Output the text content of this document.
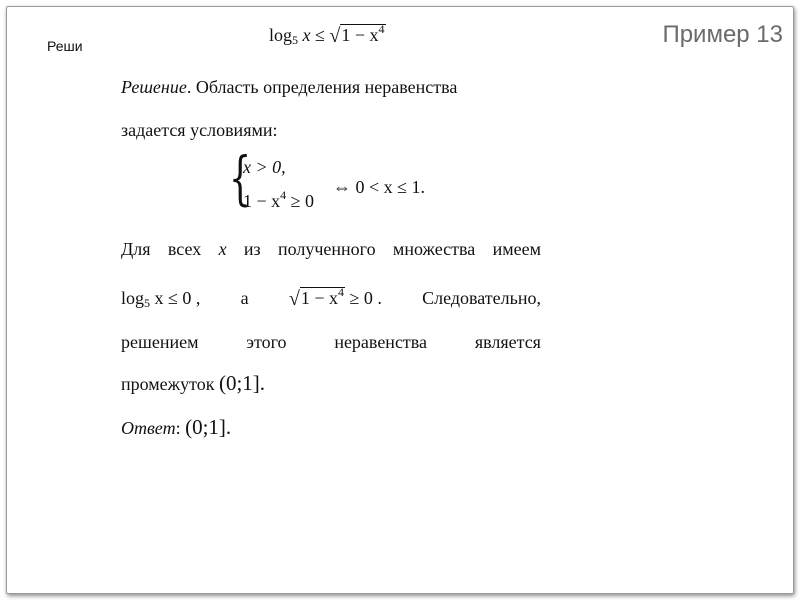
Пример 13
Реши
$\log_5 x \le √1 - x^4$
Решение. Область определения неравенства
задается условиями:
{
x > 0,
$1 - x^4 \ge 0$
⇔ 0 < x ≤ 1.
Для всех x из полученного множества имеем
$\log_5 x \le 0$ , а $√1 - x^4 \ge 0$ . Следовательно,
решением	этого	неравенства	является
промежуток (0;1].
Ответ: (0;1].
